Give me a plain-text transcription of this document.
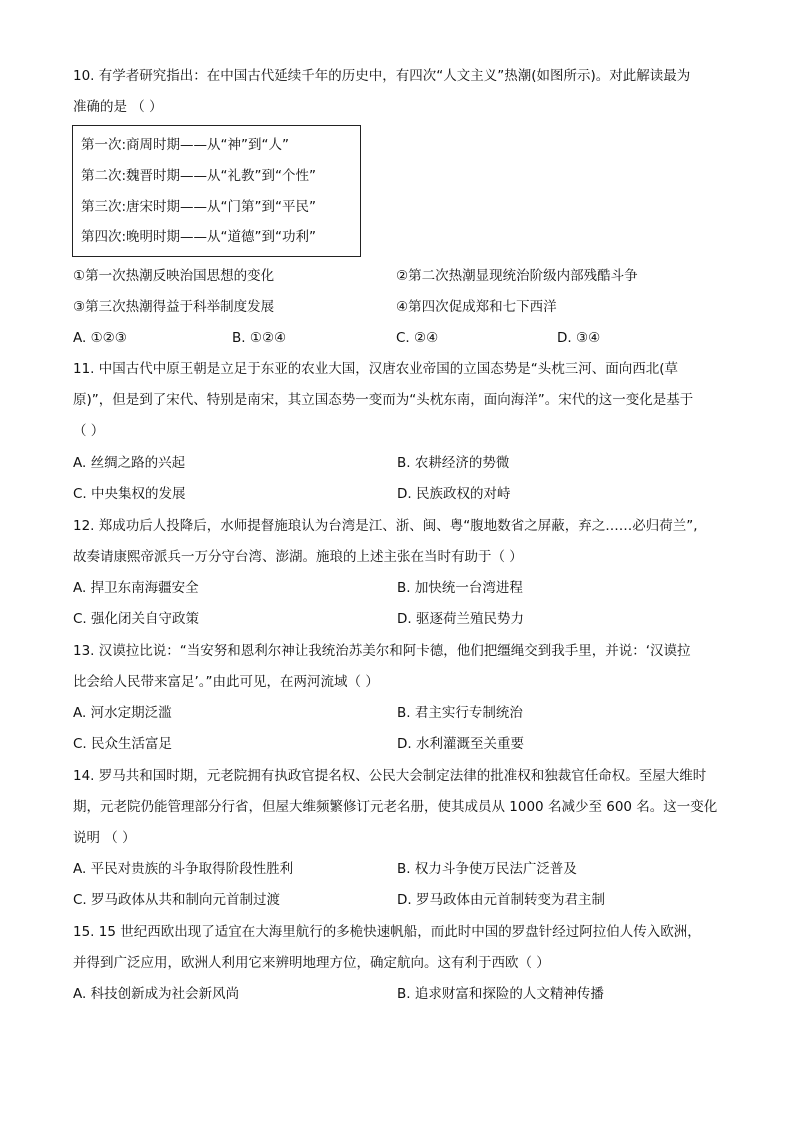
10. 有学者研究指出：在中国古代延续千年的历史中，有四次“人文主义”热潮(如图所示)。对此解读最为
准确的是 （ ）
第一次:商周时期——从“神”到“人”
第二次:魏晋时期——从“礼教”到“个性”
第三次:唐宋时期——从“门第”到“平民”
第四次:晚明时期——从“道德”到“功利”
①第一次热潮反映治国思想的变化	②第二次热潮显现统治阶级内部残酷斗争
③第三次热潮得益于科举制度发展	④第四次促成郑和七下西洋
A. ①②③	B. ①②④	C. ②④	D. ③④
11. 中国古代中原王朝是立足于东亚的农业大国，汉唐农业帝国的立国态势是“头枕三河、面向西北(草
原)”，但是到了宋代、特别是南宋，其立国态势一变而为“头枕东南，面向海洋”。宋代的这一变化是基于
（ ）
A. 丝绸之路的兴起	B. 农耕经济的势微
C. 中央集权的发展	D. 民族政权的对峙
12. 郑成功后人投降后，水师提督施琅认为台湾是江、浙、闽、粤“腹地数省之屏蔽，弃之……必归荷兰”,
故奏请康熙帝派兵一万分守台湾、澎湖。施琅的上述主张在当时有助于（ ）
A. 捍卫东南海疆安全	B. 加快统一台湾进程
C. 强化闭关自守政策	D. 驱逐荷兰殖民势力
13. 汉谟拉比说：“当安努和恩利尔神让我统治苏美尔和阿卡德，他们把缰绳交到我手里，并说：‘汉谟拉
比会给人民带来富足’。”由此可见，在两河流域（ ）
A. 河水定期泛滥	B. 君主实行专制统治
C. 民众生活富足	D. 水利灌溉至关重要
14. 罗马共和国时期，元老院拥有执政官提名权、公民大会制定法律的批准权和独裁官任命权。至屋大维时
期，元老院仍能管理部分行省，但屋大维频繁修订元老名册，使其成员从 1000 名减少至 600 名。这一变化
说明 （ ）
A. 平民对贵族的斗争取得阶段性胜利	B. 权力斗争使万民法广泛普及
C. 罗马政体从共和制向元首制过渡	D. 罗马政体由元首制转变为君主制
15. 15 世纪西欧出现了适宜在大海里航行的多桅快速帆船，而此时中国的罗盘针经过阿拉伯人传入欧洲，
并得到广泛应用，欧洲人利用它来辨明地理方位，确定航向。这有利于西欧（ ）
A. 科技创新成为社会新风尚	B. 追求财富和探险的人文精神传播
